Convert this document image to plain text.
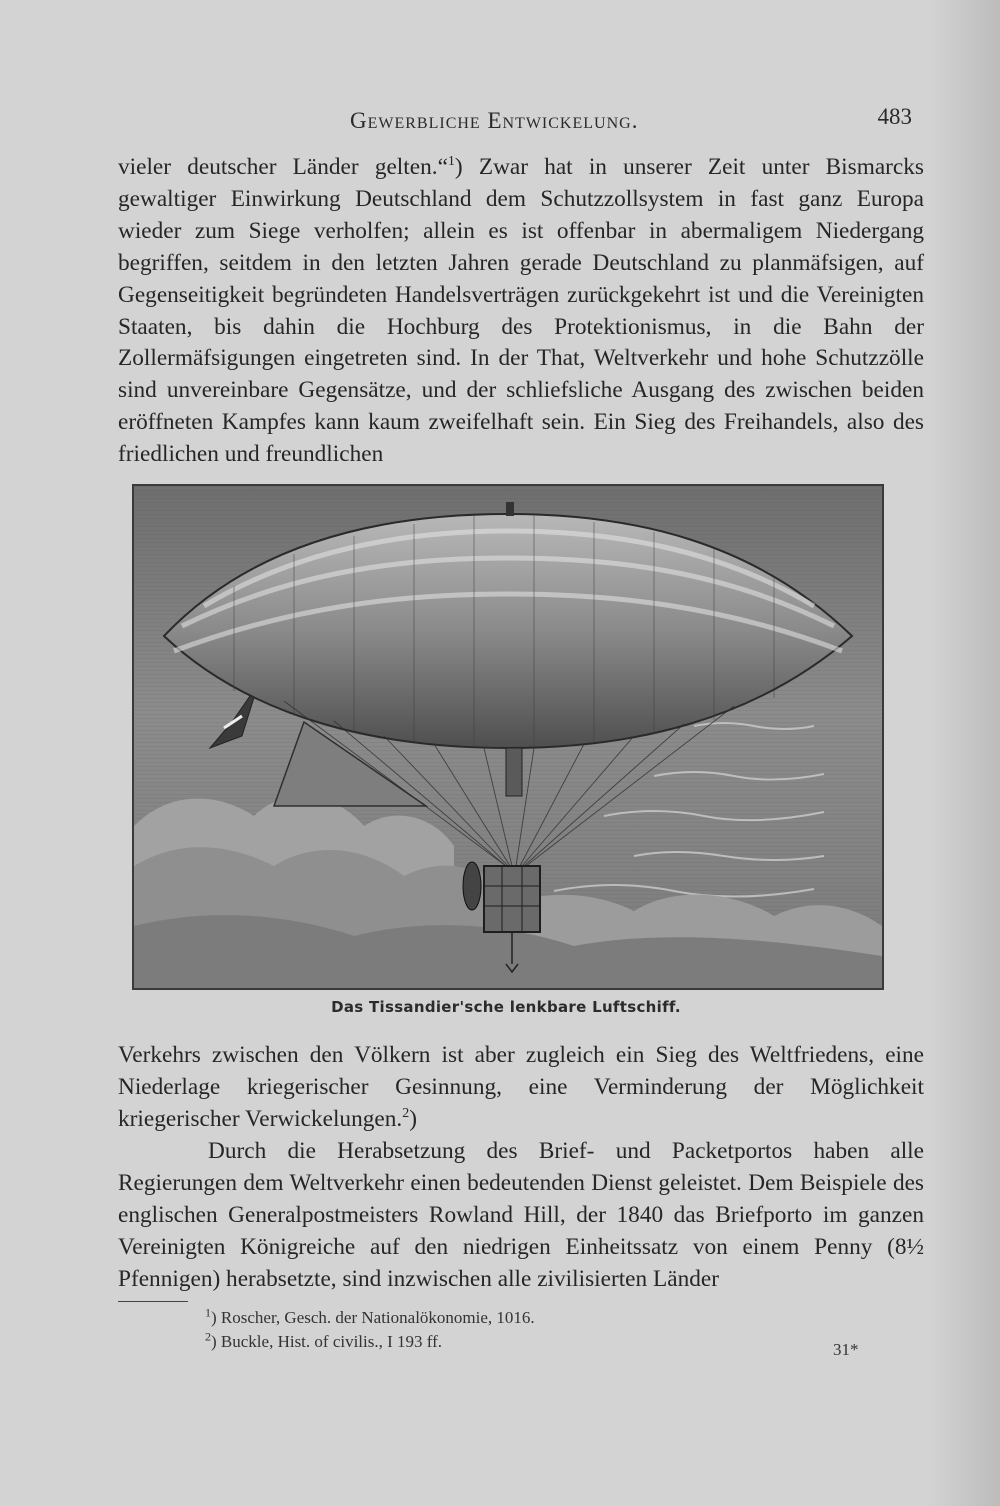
Gewerbliche Entwickelung.	483

vieler deutscher Länder gelten.“$^1$) Zwar hat in unserer Zeit unter Bismarcks gewaltiger Einwirkung Deutschland dem Schutzzollsystem in fast ganz Europa wieder zum Siege verholfen; allein es ist offenbar in abermaligem Niedergang begriffen, seitdem in den letzten Jahren gerade Deutschland zu planmäfsigen, auf Gegenseitigkeit begründeten Handelsverträgen zurückgekehrt ist und die Vereinigten Staaten, bis dahin die Hochburg des Protektionismus, in die Bahn der Zollermäfsigungen eingetreten sind. In der That, Weltverkehr und hohe Schutzzölle sind unvereinbare Gegensätze, und der schliefsliche Ausgang des zwischen beiden eröffneten Kampfes kann kaum zweifelhaft sein. Ein Sieg des Freihandels, also des friedlichen und freundlichen

Das Tissandier'sche lenkbare Luftschiff.

Verkehrs zwischen den Völkern ist aber zugleich ein Sieg des Weltfriedens, eine Niederlage kriegerischer Gesinnung, eine Verminderung der Möglichkeit kriegerischer Verwickelungen.$^2$)

Durch die Herabsetzung des Brief- und Packetportos haben alle Regierungen dem Weltverkehr einen bedeutenden Dienst geleistet. Dem Beispiele des englischen Generalpostmeisters Rowland Hill, der 1840 das Briefporto im ganzen Vereinigten Königreiche auf den niedrigen Einheitssatz von einem Penny (8½ Pfennigen) herabsetzte, sind inzwischen alle zivilisierten Länder

$^1$) Roscher, Gesch. der Nationalökonomie, 1016.
$^2$) Buckle, Hist. of civilis., I 193 ff.	31*
